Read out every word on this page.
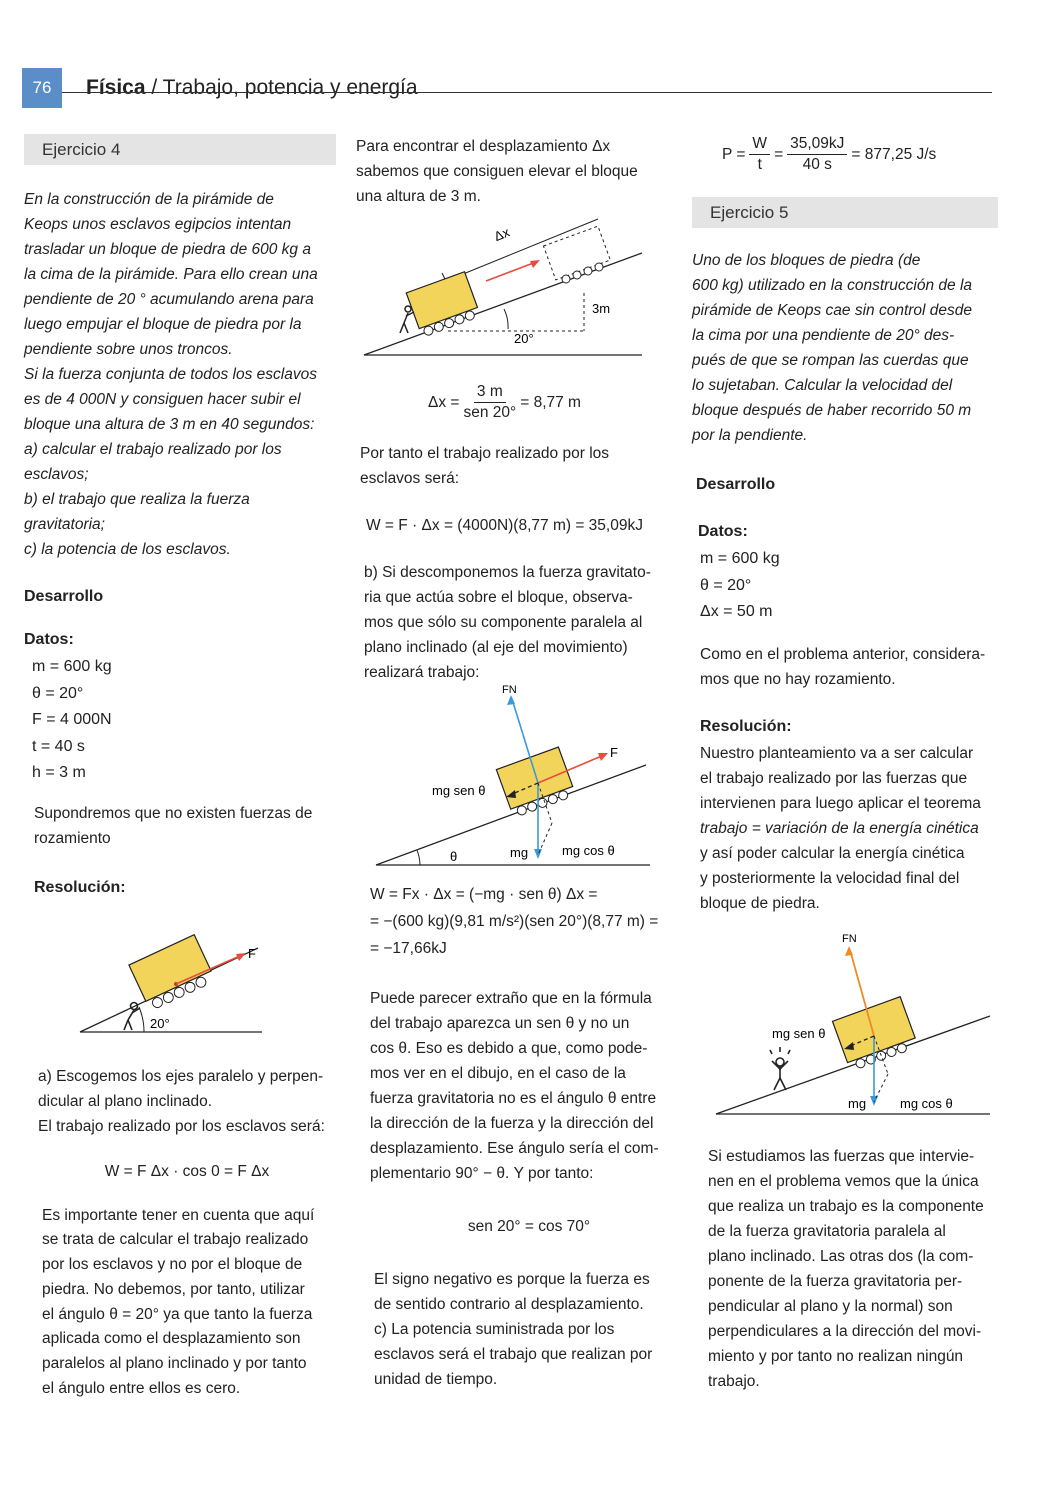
76	Física / Trabajo, potencia y energía
Ejercicio 4
En la construcción de la pirámide de
Keops unos esclavos egipcios intentan
trasladar un bloque de piedra de 600 kg a
la cima de la pirámide. Para ello crean una
pendiente de 20 ° acumulando arena para
luego empujar el bloque de piedra por la
pendiente sobre unos troncos.
Si la fuerza conjunta de todos los esclavos
es de 4 000N y consiguen hacer subir el
bloque una altura de 3 m en 40 segundos:
a) calcular el trabajo realizado por los
esclavos;
b) el trabajo que realiza la fuerza
gravitatoria;
c) la potencia de los esclavos.
Desarrollo
Datos:
m = 600 kg
θ = 20°
F = 4 000N
t = 40 s
h = 3 m
Supondremos que no existen fuerzas de
rozamiento
Resolución:
F
20°
a) Escogemos los ejes paralelo y perpen-
dicular al plano inclinado.
El trabajo realizado por los esclavos será:
W = F Δx · cos 0 = F Δx
Es importante tener en cuenta que aquí
se trata de calcular el trabajo realizado
por los esclavos y no por el bloque de
piedra. No debemos, por tanto, utilizar
el ángulo θ = 20° ya que tanto la fuerza
aplicada como el desplazamiento son
paralelos al plano inclinado y por tanto
el ángulo entre ellos es cero.
Para encontrar el desplazamiento Δx
sabemos que consiguen elevar el bloque
una altura de 3 m.
Δx
20°
3m
$\Delta x = \frac{3 m}{\text{sen 20°}} = 8,77$ m
Por tanto el trabajo realizado por los
esclavos será:
W = F · Δx = (4000N)(8,77 m) = 35,09kJ
b) Si descomponemos la fuerza gravitato-
ria que actúa sobre el bloque, observa-
mos que sólo su componente paralela al
plano inclinado (al eje del movimiento)
realizará trabajo:
θ
FN
F
mg sen θ
mg	mg cos θ
W = Fx · Δx = (−mg · sen θ) Δx =
= −(600 kg)(9,81 m/s²)(sen 20°)(8,77 m) =
= −17,66kJ
Puede parecer extraño que en la fórmula
del trabajo aparezca un sen θ y no un
cos θ. Eso es debido a que, como pode-
mos ver en el dibujo, en el caso de la
fuerza gravitatoria no es el ángulo θ entre
la dirección de la fuerza y la dirección del
desplazamiento. Ese ángulo sería el com-
plementario 90° − θ. Y por tanto:
sen 20° = cos 70°
El signo negativo es porque la fuerza es
de sentido contrario al desplazamiento.
c) La potencia suministrada por los
esclavos será el trabajo que realizan por
unidad de tiempo.
$P = \frac{W}{t} = \frac{35,09kJ}{40 s} = 877,25$ J/s
Ejercicio 5
Uno de los bloques de piedra (de
600 kg) utilizado en la construcción de la
pirámide de Keops cae sin control desde
la cima por una pendiente de 20° des-
pués de que se rompan las cuerdas que
lo sujetaban. Calcular la velocidad del
bloque después de haber recorrido 50 m
por la pendiente.
Desarrollo
Datos:
m = 600 kg
θ = 20°
Δx = 50 m
Como en el problema anterior, considera-
mos que no hay rozamiento.
Resolución:
Nuestro planteamiento va a ser calcular
el trabajo realizado por las fuerzas que
intervienen para luego aplicar el teorema
trabajo = variación de la energía cinética
y así poder calcular la energía cinética
y posteriormente la velocidad final del
bloque de piedra.
FN
mg sen θ
mg	mg cos θ
Si estudiamos las fuerzas que intervie-
nen en el problema vemos que la única
que realiza un trabajo es la componente
de la fuerza gravitatoria paralela al
plano inclinado. Las otras dos (la com-
ponente de la fuerza gravitatoria per-
pendicular al plano y la normal) son
perpendiculares a la dirección del movi-
miento y por tanto no realizan ningún
trabajo.
